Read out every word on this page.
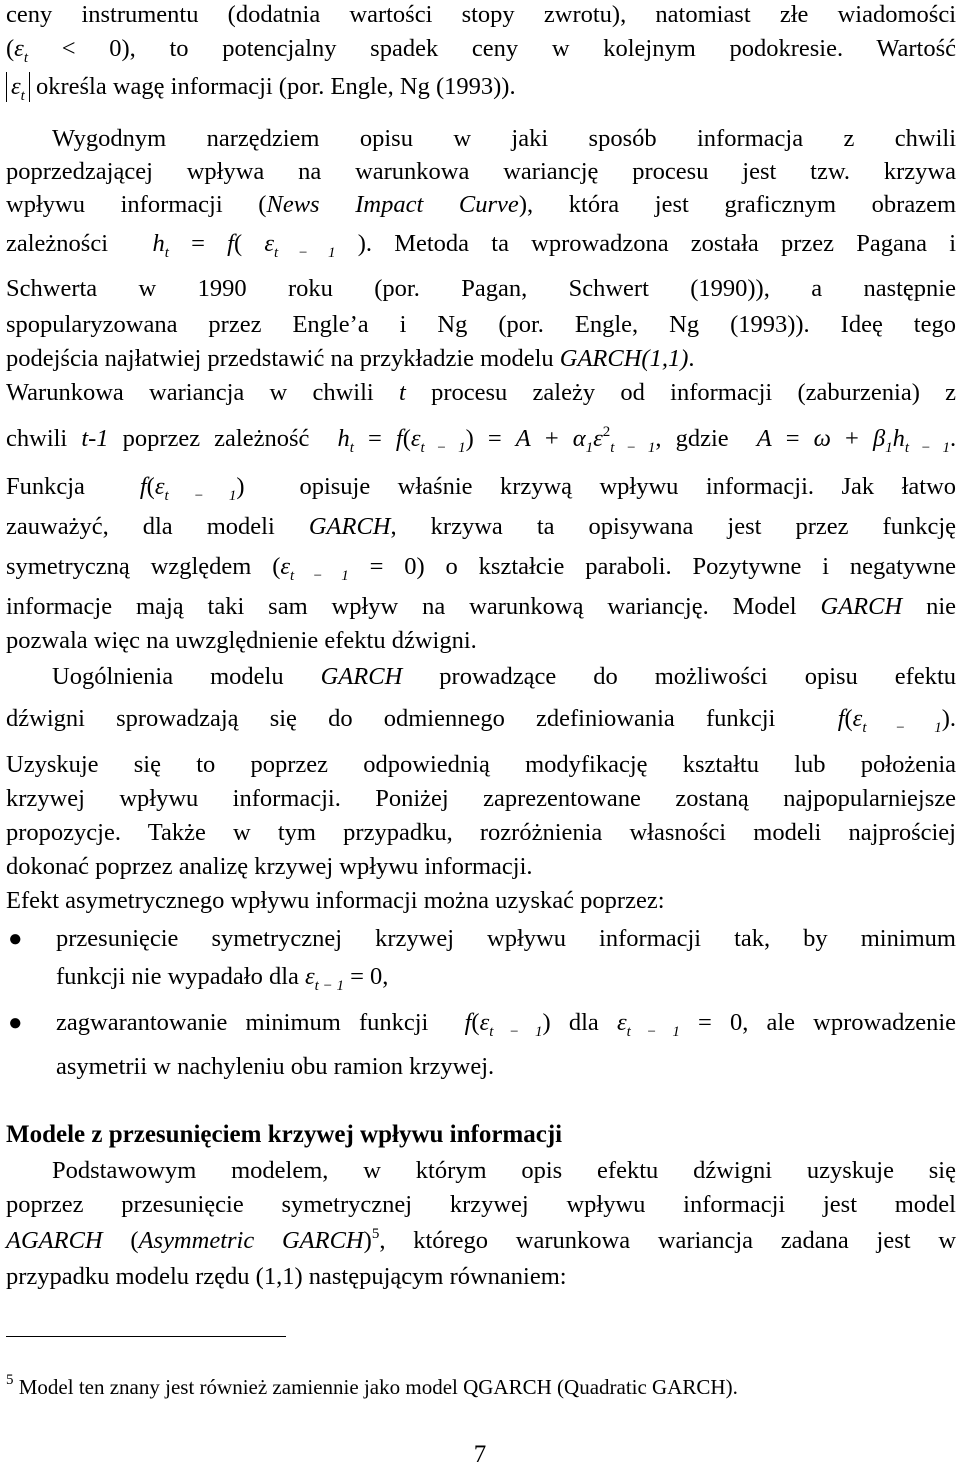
ceny instrumentu (dodatnia wartości stopy zwrotu), natomiast złe wiadomości
$(\varepsilon_t < 0)$, to potencjalny spadek ceny w kolejnym podokresie. Wartość
$\varepsilon_t$ określa wagę informacji (por. Engle, Ng (1993)).
Wygodnym narzędziem opisu w jaki sposób informacja z chwili
poprzedzającej wpływa na warunkowa wariancję procesu jest tzw. krzywa
wpływu informacji (News Impact Curve), która jest graficznym obrazem
zależności $h_t = f$( $\varepsilon_{t - 1}$ ). Metoda ta wprowadzona została przez Pagana i
Schwerta w 1990 roku (por. Pagan, Schwert (1990)), a następnie
spopularyzowana przez Engle’a i Ng (por. Engle, Ng (1993)). Ideę tego
podejścia najłatwiej przedstawić na przykładzie modelu GARCH(1,1).
Warunkowa wariancja w chwili t procesu zależy od informacji (zaburzenia) z
chwili t-1 poprzez zależność $h_t = f(\varepsilon_{t - 1}) = A + \alpha_1\varepsilon^2_{t - 1}$, gdzie $A = \omega + \beta_1h_{t - 1}$.
Funkcja $f(\varepsilon_{t - 1})$ opisuje właśnie krzywą wpływu informacji. Jak łatwo
zauważyć, dla modeli GARCH, krzywa ta opisywana jest przez funkcję
symetryczną względem $(\varepsilon_{t - 1} = 0)$ o kształcie paraboli. Pozytywne i negatywne
informacje mają taki sam wpływ na warunkową wariancję. Model GARCH nie
pozwala więc na uwzględnienie efektu dźwigni.
Uogólnienia modelu GARCH prowadzące do możliwości opisu efektu
dźwigni sprowadzają się do odmiennego zdefiniowania funkcji	$f(\varepsilon_{t - 1})$.
Uzyskuje się to poprzez odpowiednią modyfikację kształtu lub położenia
krzywej wpływu informacji. Poniżej zaprezentowane zostaną najpopularniejsze
propozycje. Także w tym przypadku, rozróżnienia własności modeli najprościej
dokonać poprzez analizę krzywej wpływu informacji.
Efekt asymetrycznego wpływu informacji można uzyskać poprzez:
● przesunięcie symetrycznej krzywej wpływu informacji tak, by minimum
funkcji nie wypadało dla $\varepsilon_{t - 1} = 0$,
● zagwarantowanie minimum funkcji $f(\varepsilon_{t - 1})$ dla $\varepsilon_{t - 1} = 0$, ale wprowadzenie
asymetrii w nachyleniu obu ramion krzywej.
Modele z przesunięciem krzywej wpływu informacji
Podstawowym modelem, w którym opis efektu dźwigni uzyskuje się
poprzez przesunięcie symetrycznej krzywej wpływu informacji jest model
AGARCH (Asymmetric GARCH)$^5$, którego warunkowa wariancja zadana jest w
przypadku modelu rzędu (1,1) następującym równaniem:
$^5$ Model ten znany jest również zamiennie jako model QGARCH (Quadratic GARCH).
7
